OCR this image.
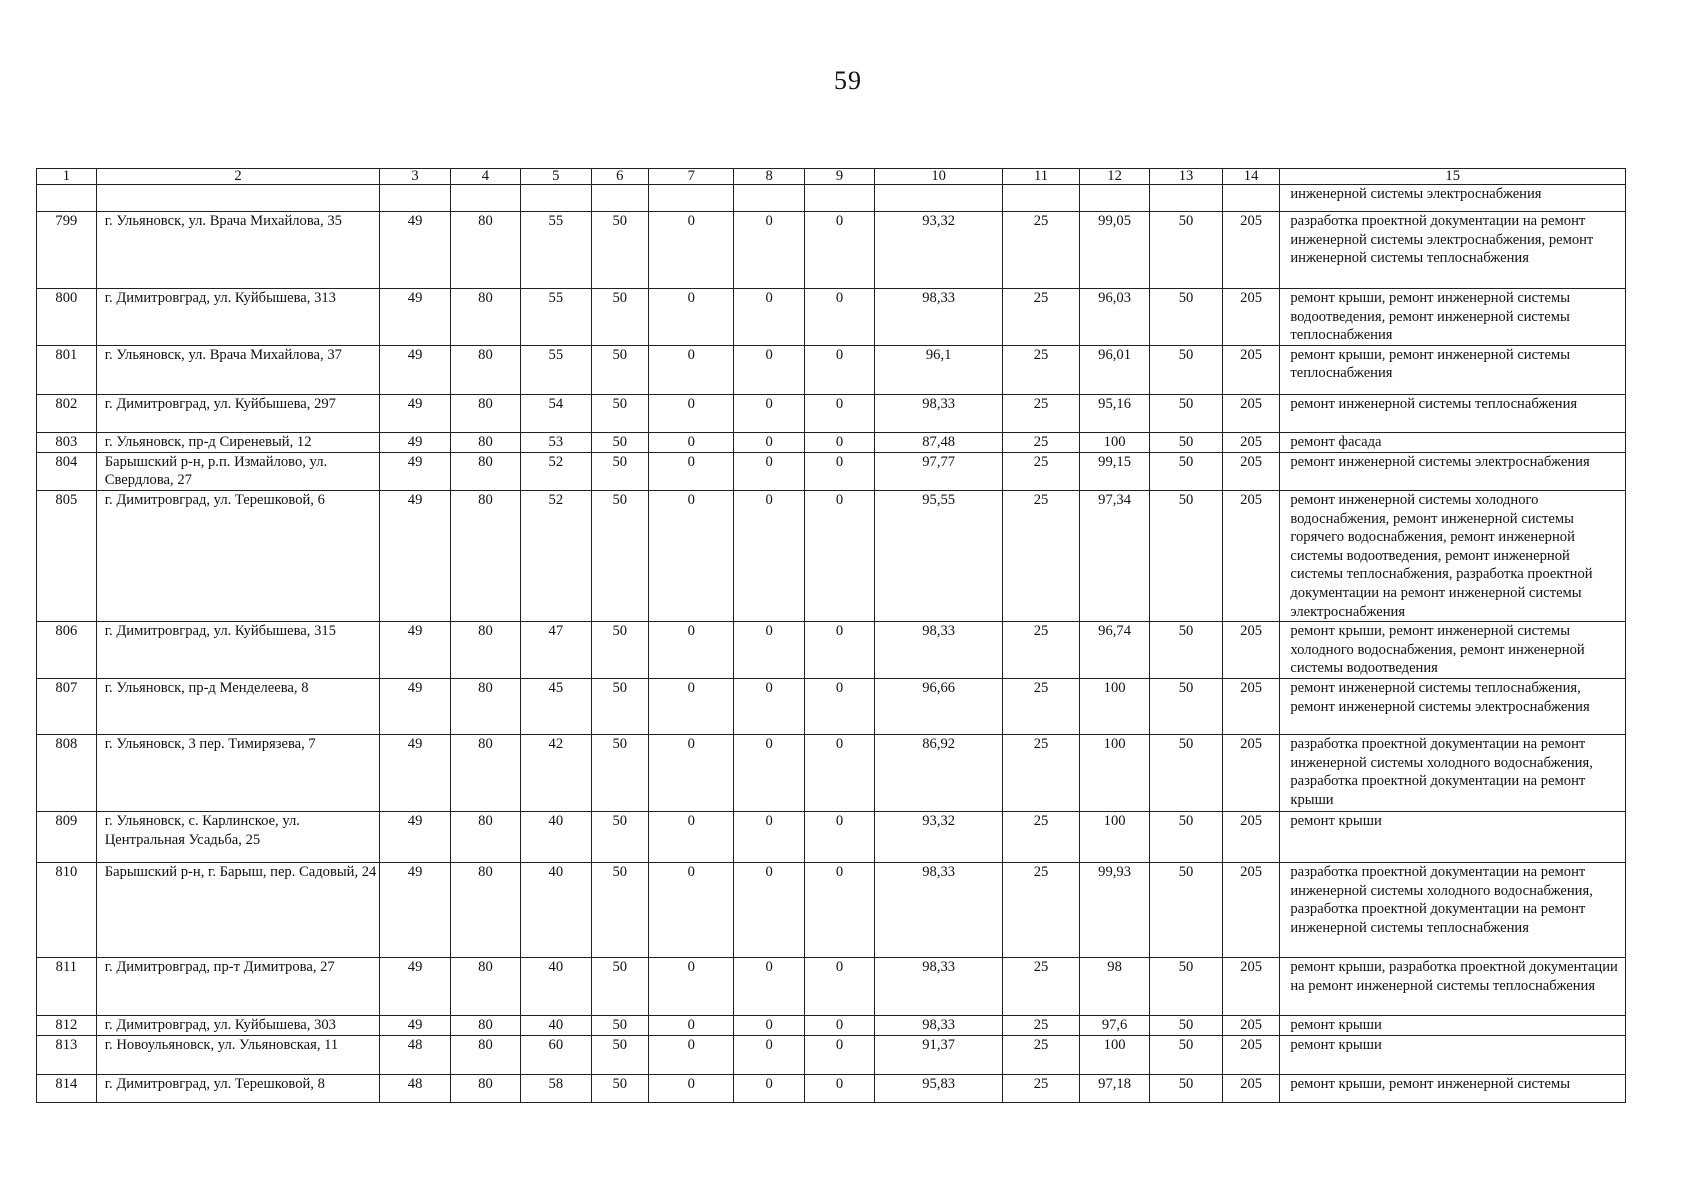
59
1	2	3	4	5	6	7	8	9	10	11	12	13	14	15
														инженерной системы электроснабжения
799	г. Ульяновск, ул. Врача Михайлова, 35	49	80	55	50	0	0	0	93,32	25	99,05	50	205	разработка проектной документации на ремонт инженерной системы электроснабжения, ремонт инженерной системы теплоснабжения
800	г. Димитровград, ул. Куйбышева, 313	49	80	55	50	0	0	0	98,33	25	96,03	50	205	ремонт крыши, ремонт инженерной системы водоотведения, ремонт инженерной системы теплоснабжения
801	г. Ульяновск, ул. Врача Михайлова, 37	49	80	55	50	0	0	0	96,1	25	96,01	50	205	ремонт крыши, ремонт инженерной системы теплоснабжения
802	г. Димитровград, ул. Куйбышева, 297	49	80	54	50	0	0	0	98,33	25	95,16	50	205	ремонт инженерной системы теплоснабжения
803	г. Ульяновск, пр-д Сиреневый, 12	49	80	53	50	0	0	0	87,48	25	100	50	205	ремонт фасада
804	Барышский р-н, р.п. Измайлово, ул. Свердлова, 27	49	80	52	50	0	0	0	97,77	25	99,15	50	205	ремонт инженерной системы электроснабжения
805	г. Димитровград, ул. Терешковой, 6	49	80	52	50	0	0	0	95,55	25	97,34	50	205	ремонт инженерной системы холодного водоснабжения, ремонт инженерной системы горячего водоснабжения, ремонт инженерной системы водоотведения, ремонт инженерной системы теплоснабжения, разработка проектной документации на ремонт инженерной системы электроснабжения
806	г. Димитровград, ул. Куйбышева, 315	49	80	47	50	0	0	0	98,33	25	96,74	50	205	ремонт крыши, ремонт инженерной системы холодного водоснабжения, ремонт инженерной системы водоотведения
807	г. Ульяновск, пр-д Менделеева, 8	49	80	45	50	0	0	0	96,66	25	100	50	205	ремонт инженерной системы теплоснабжения, ремонт инженерной системы электроснабжения
808	г. Ульяновск, 3 пер. Тимирязева, 7	49	80	42	50	0	0	0	86,92	25	100	50	205	разработка проектной документации на ремонт инженерной системы холодного водоснабжения, разработка проектной документации на ремонт крыши
809	г. Ульяновск, с. Карлинское, ул. Центральная Усадьба, 25	49	80	40	50	0	0	0	93,32	25	100	50	205	ремонт крыши
810	Барышский р-н, г. Барыш, пер. Садовый, 24	49	80	40	50	0	0	0	98,33	25	99,93	50	205	разработка проектной документации на ремонт инженерной системы холодного водоснабжения, разработка проектной документации на ремонт инженерной системы теплоснабжения
811	г. Димитровград, пр-т Димитрова, 27	49	80	40	50	0	0	0	98,33	25	98	50	205	ремонт крыши, разработка проектной документации на ремонт инженерной системы теплоснабжения
812	г. Димитровград, ул. Куйбышева, 303	49	80	40	50	0	0	0	98,33	25	97,6	50	205	ремонт крыши
813	г. Новоульяновск, ул. Ульяновская, 11	48	80	60	50	0	0	0	91,37	25	100	50	205	ремонт крыши
814	г. Димитровград, ул. Терешковой, 8	48	80	58	50	0	0	0	95,83	25	97,18	50	205	ремонт крыши, ремонт инженерной системы
